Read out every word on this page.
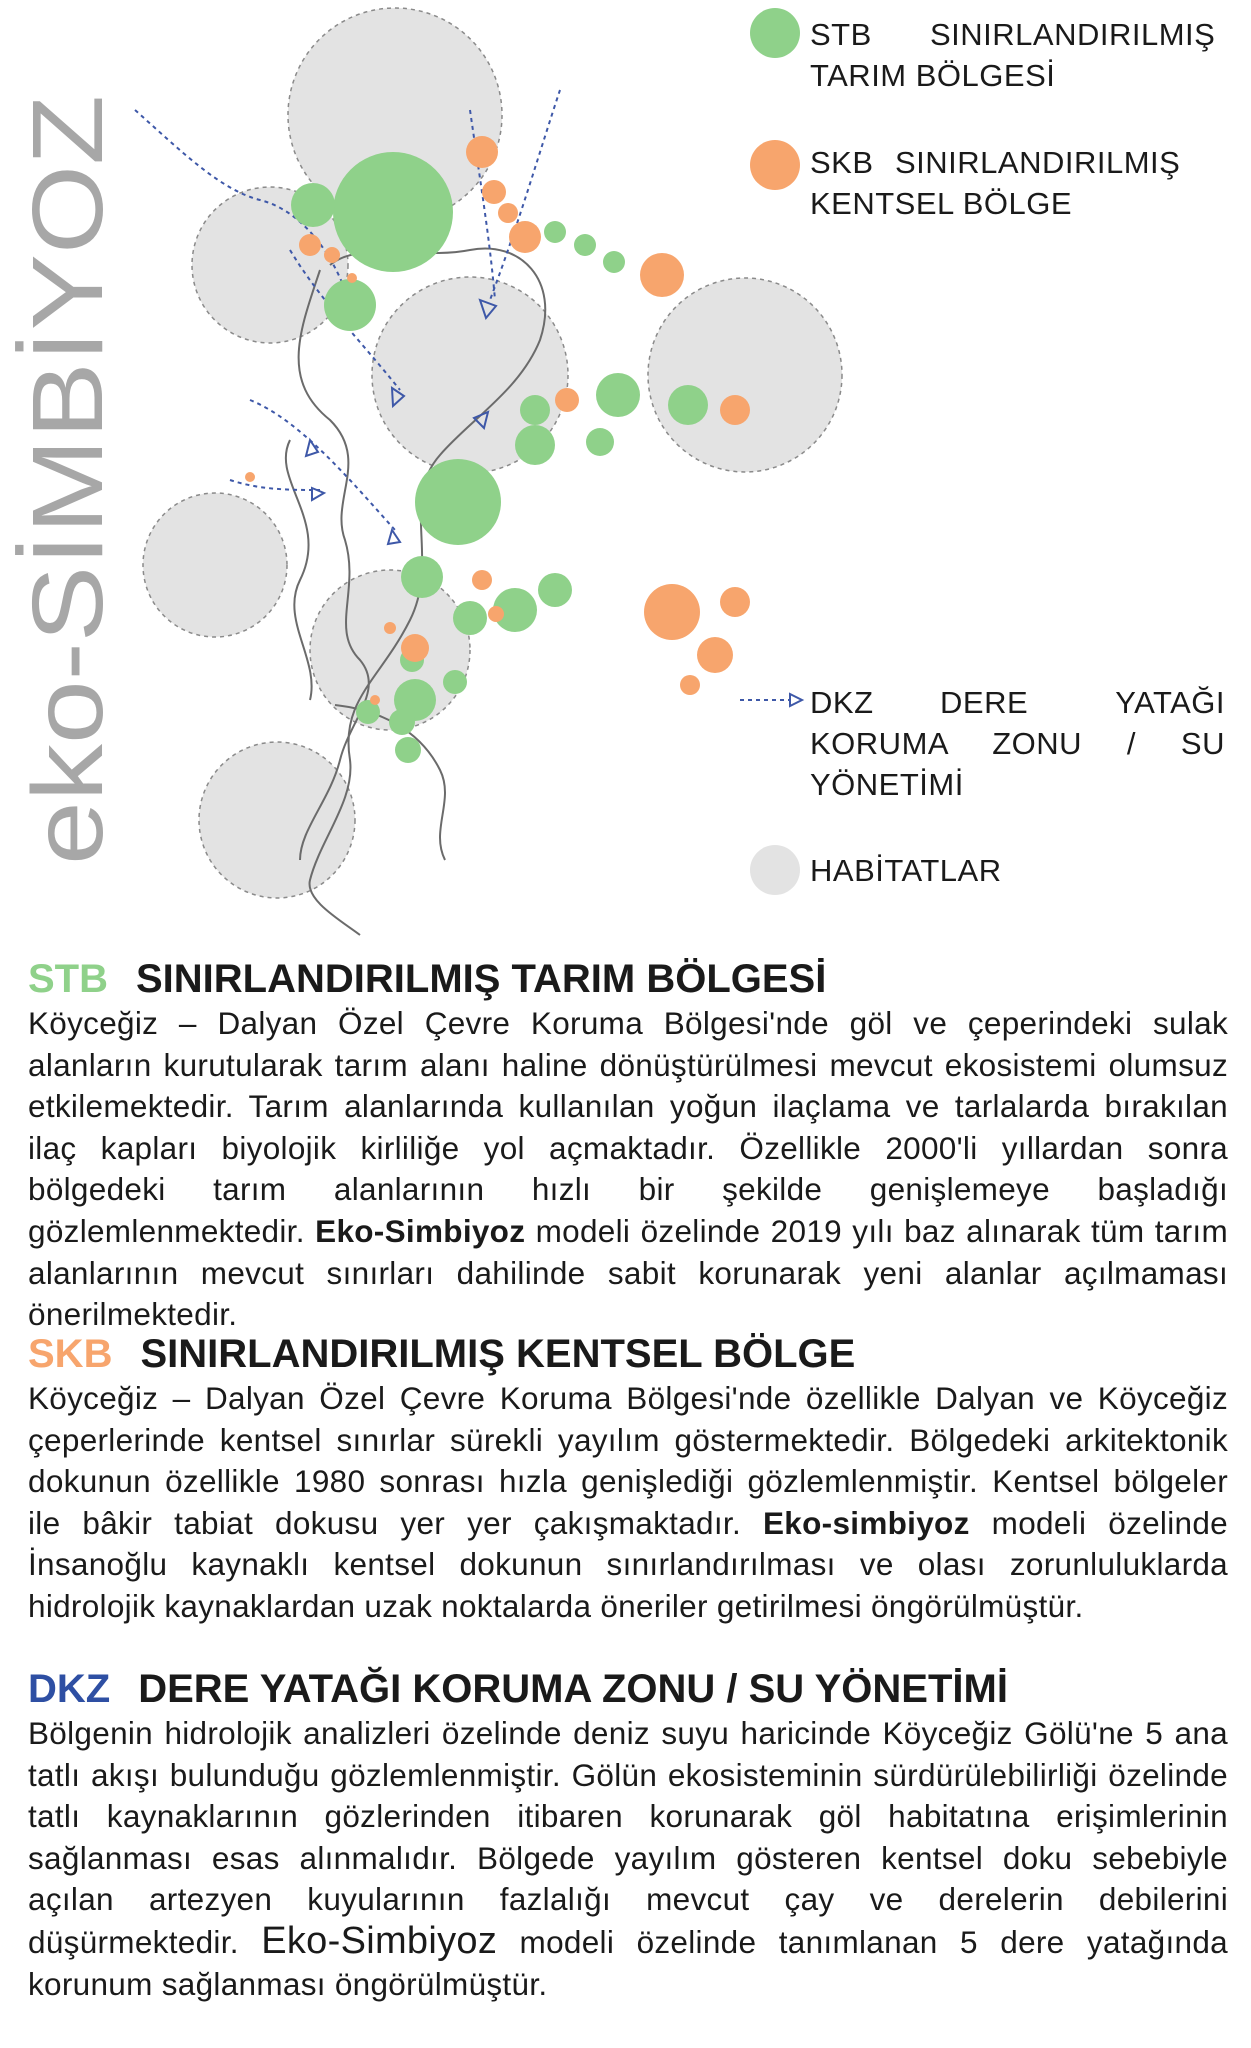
eko-SİMBİYOZ
STB SINIRLANDIRILMIŞ
TARIM BÖLGESİ
SKB SINIRLANDIRILMIŞ
KENTSEL BÖLGE
DKZ DERE YATAĞI KORUMA ZONU / SU YÖNETİMİ
HABİTATLAR

STB SINIRLANDIRILMIŞ TARIM BÖLGESİ

Köyceğiz – Dalyan Özel Çevre Koruma Bölgesi'nde göl ve çeperindeki sulak alanların kurutularak tarım alanı haline dönüştürülmesi mevcut ekosistemi olumsuz etkilemektedir. Tarım alanlarında kullanılan yoğun ilaçlama ve tarlalarda bırakılan ilaç kapları biyolojik kirliliğe yol açmaktadır. Özellikle 2000'li yıllardan sonra bölgedeki tarım alanlarının hızlı bir şekilde genişlemeye başladığı gözlemlenmektedir. Eko-Simbiyoz modeli özelinde 2019 yılı baz alınarak tüm tarım alanlarının mevcut sınırları dahilinde sabit korunarak yeni alanlar açılmaması önerilmektedir.

SKB SINIRLANDIRILMIŞ KENTSEL BÖLGE

Köyceğiz – Dalyan Özel Çevre Koruma Bölgesi'nde özellikle Dalyan ve Köyceğiz çeperlerinde kentsel sınırlar sürekli yayılım göstermektedir. Bölgedeki arkitektonik dokunun özellikle 1980 sonrası hızla genişlediği gözlemlenmiştir. Kentsel bölgeler ile bâkir tabiat dokusu yer yer çakışmaktadır. Eko-simbiyoz modeli özelinde İnsanoğlu kaynaklı kentsel dokunun sınırlandırılması ve olası zorunluluklarda hidrolojik kaynaklardan uzak noktalarda öneriler getirilmesi öngörülmüştür.

DKZ DERE YATAĞI KORUMA ZONU / SU YÖNETİMİ

Bölgenin hidrolojik analizleri özelinde deniz suyu haricinde Köyceğiz Gölü'ne 5 ana tatlı akışı bulunduğu gözlemlenmiştir. Gölün ekosisteminin sürdürülebilirliği özelinde tatlı kaynaklarının gözlerinden itibaren korunarak göl habitatına erişimlerinin sağlanması esas alınmalıdır. Bölgede yayılım gösteren kentsel doku sebebiyle açılan artezyen kuyularının fazlalığı mevcut çay ve derelerin debilerini düşürmektedir. Eko-Simbiyoz modeli özelinde tanımlanan 5 dere yatağında korunum sağlanması öngörülmüştür.
